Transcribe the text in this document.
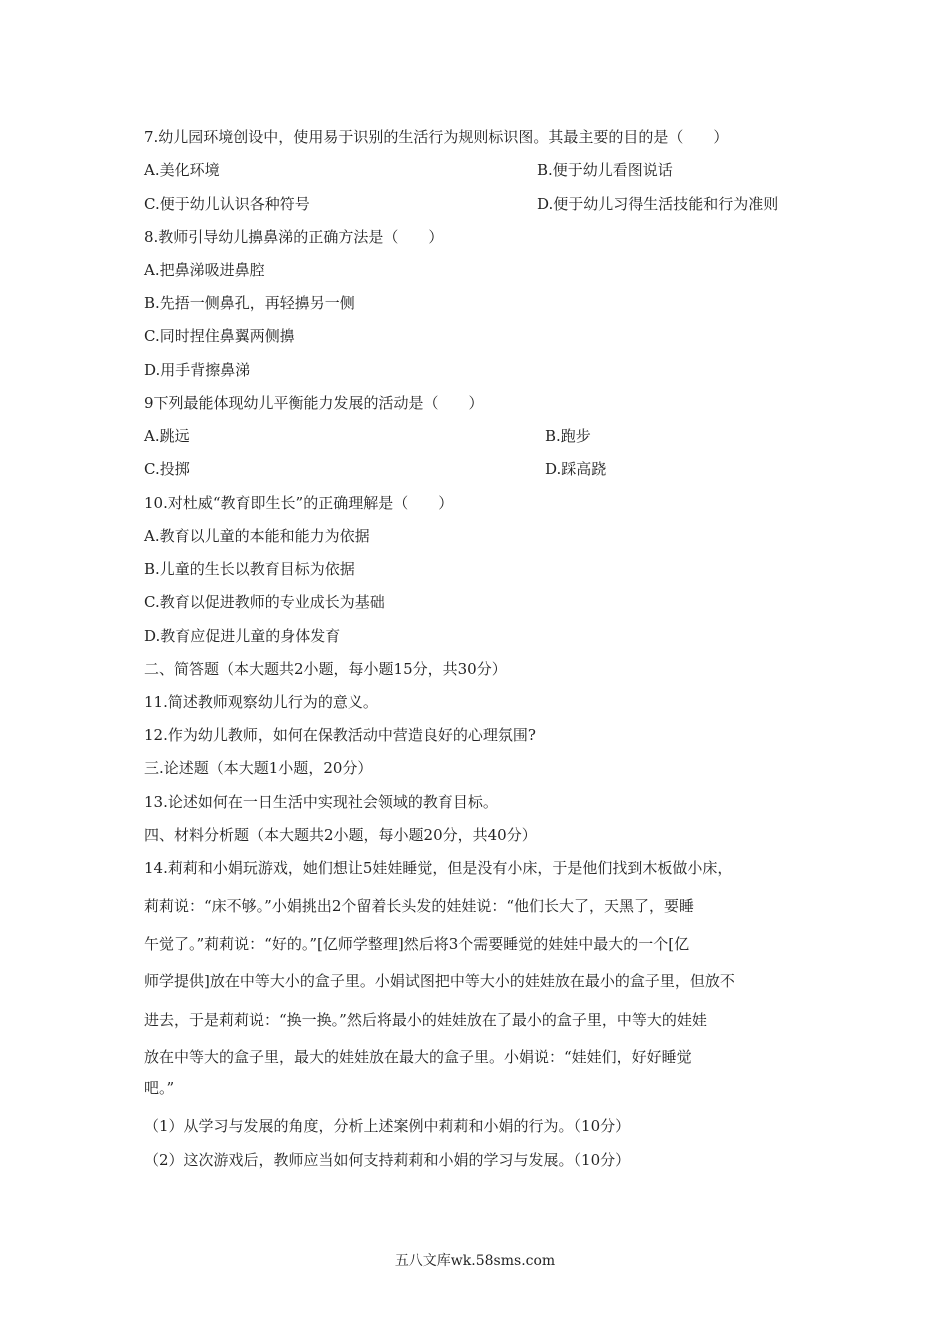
7.幼儿园环境创设中，使用易于识别的生活行为规则标识图。其最主要的目的是（　　）
A.美化环境	B.便于幼儿看图说话
C.便于幼儿认识各种符号	D.便于幼儿习得生活技能和行为准则
8.教师引导幼儿擤鼻涕的正确方法是（　　）
A.把鼻涕吸进鼻腔
B.先捂一侧鼻孔，再轻擤另一侧
C.同时捏住鼻翼两侧擤
D.用手背擦鼻涕
9下列最能体现幼儿平衡能力发展的活动是（　　）
A.跳远	B.跑步
C.投掷	D.踩高跷
10.对杜威“教育即生长”的正确理解是（　　）
A.教育以儿童的本能和能力为依据
B.儿童的生长以教育目标为依据
C.教育以促进教师的专业成长为基础
D.教育应促进儿童的身体发育
二、简答题（本大题共2小题，每小题15分，共30分）
11.简述教师观察幼儿行为的意义。
12.作为幼儿教师，如何在保教活动中营造良好的心理氛围?
三.论述题（本大题1小题，20分）
13.论述如何在一日生活中实现社会领域的教育目标。
四、材料分析题（本大题共2小题，每小题20分，共40分）
14.莉莉和小娟玩游戏，她们想让5娃娃睡觉，但是没有小床，于是他们找到木板做小床，
莉莉说：“床不够。”小娟挑出2个留着长头发的娃娃说：“他们长大了，天黑了，要睡
午觉了。”莉莉说：“好的。”[亿师学整理]然后将3个需要睡觉的娃娃中最大的一个[亿
师学提供]放在中等大小的盒子里。小娟试图把中等大小的娃娃放在最小的盒子里，但放不
进去，于是莉莉说：“换一换。”然后将最小的娃娃放在了最小的盒子里，中等大的娃娃
放在中等大的盒子里，最大的娃娃放在最大的盒子里。小娟说：“娃娃们，好好睡觉
吧。”
（1）从学习与发展的角度，分析上述案例中莉莉和小娟的行为。（10分）
（2）这次游戏后，教师应当如何支持莉莉和小娟的学习与发展。（10分）
五八文库wk.58sms.com
